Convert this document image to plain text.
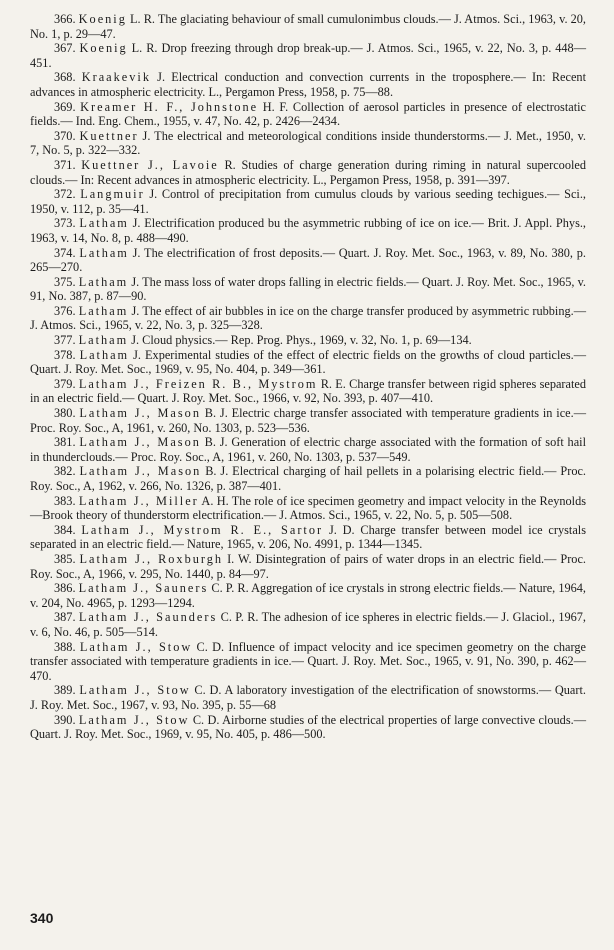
366. Koenig L. R. The glaciating behaviour of small cumulonimbus clouds.— J. Atmos. Sci., 1963, v. 20, No. 1, p. 29—47.

367. Koenig L. R. Drop freezing through drop break-up.— J. Atmos. Sci., 1965, v. 22, No. 3, p. 448—451.

368. Kraakevik J. Electrical conduction and convection currents in the troposphere.— In: Recent advances in atmospheric electricity. L., Pergamon Press, 1958, p. 75—88.

369. Kreamer H. F., Johnstone H. F. Collection of aerosol particles in presence of electrostatic fields.— Ind. Eng. Chem., 1955, v. 47, No. 42, p. 2426—2434.

370. Kuettner J. The electrical and meteorological conditions inside thunderstorms.— J. Met., 1950, v. 7, No. 5, p. 322—332.

371. Kuettner J., Lavoie R. Studies of charge generation during riming in natural supercooled clouds.— In: Recent advances in atmospheric electricity. L., Pergamon Press, 1958, p. 391—397.

372. Langmuir J. Control of precipitation from cumulus clouds by various seeding techigues.— Sci., 1950, v. 112, p. 35—41.

373. Latham J. Electrification produced bu the asymmetric rubbing of ice on ice.— Brit. J. Appl. Phys., 1963, v. 14, No. 8, p. 488—490.

374. Latham J. The electrification of frost deposits.— Quart. J. Roy. Met. Soc., 1963, v. 89, No. 380, p. 265—270.

375. Latham J. The mass loss of water drops falling in electric fields.— Quart. J. Roy. Met. Soc., 1965, v. 91, No. 387, p. 87—90.

376. Latham J. The effect of air bubbles in ice on the charge transfer produced by asymmetric rubbing.— J. Atmos. Sci., 1965, v. 22, No. 3, p. 325—328.

377. Latham J. Cloud physics.— Rep. Prog. Phys., 1969, v. 32, No. 1, p. 69—134.

378. Latham J. Experimental studies of the effect of electric fields on the growths of cloud particles.— Quart. J. Roy. Met. Soc., 1969, v. 95, No. 404, p. 349—361.

379. Latham J., Freizen R. B., Mystrom R. E. Charge transfer between rigid spheres separated in an electric field.— Quart. J. Roy. Met. Soc., 1966, v. 92, No. 393, p. 407—410.

380. Latham J., Mason B. J. Electric charge transfer associated with temperature gradients in ice.— Proc. Roy. Soc., A, 1961, v. 260, No. 1303, p. 523—536.

381. Latham J., Mason B. J. Generation of electric charge associated with the formation of soft hail in thunderclouds.— Proc. Roy. Soc., A, 1961, v. 260, No. 1303, p. 537—549.

382. Latham J., Mason B. J. Electrical charging of hail pellets in a polarising electric field.— Proc. Roy. Soc., A, 1962, v. 266, No. 1326, p. 387—401.

383. Latham J., Miller A. H. The role of ice specimen geometry and impact velocity in the Reynolds—Brook theory of thunderstorm electrification.— J. Atmos. Sci., 1965, v. 22, No. 5, p. 505—508.

384. Latham J., Mystrom R. E., Sartor J. D. Charge transfer between model ice crystals separated in an electric field.— Nature, 1965, v. 206, No. 4991, p. 1344—1345.

385. Latham J., Roxburgh I. W. Disintegration of pairs of water drops in an electric field.— Proc. Roy. Soc., A, 1966, v. 295, No. 1440, p. 84—97.

386. Latham J., Sauners C. P. R. Aggregation of ice crystals in strong electric fields.— Nature, 1964, v. 204, No. 4965, p. 1293—1294.

387. Latham J., Saunders C. P. R. The adhesion of ice spheres in electric fields.— J. Glaciol., 1967, v. 6, No. 46, p. 505—514.

388. Latham J., Stow C. D. Influence of impact velocity and ice specimen geometry on the charge transfer associated with temperature gradients in ice.— Quart. J. Roy. Met. Soc., 1965, v. 91, No. 390, p. 462—470.

389. Latham J., Stow C. D. A laboratory investigation of the electrification of snowstorms.— Quart. J. Roy. Met. Soc., 1967, v. 93, No. 395, p. 55—68

390. Latham J., Stow C. D. Airborne studies of the electrical properties of large convective clouds.— Quart. J. Roy. Met. Soc., 1969, v. 95, No. 405, p. 486—500.

340
